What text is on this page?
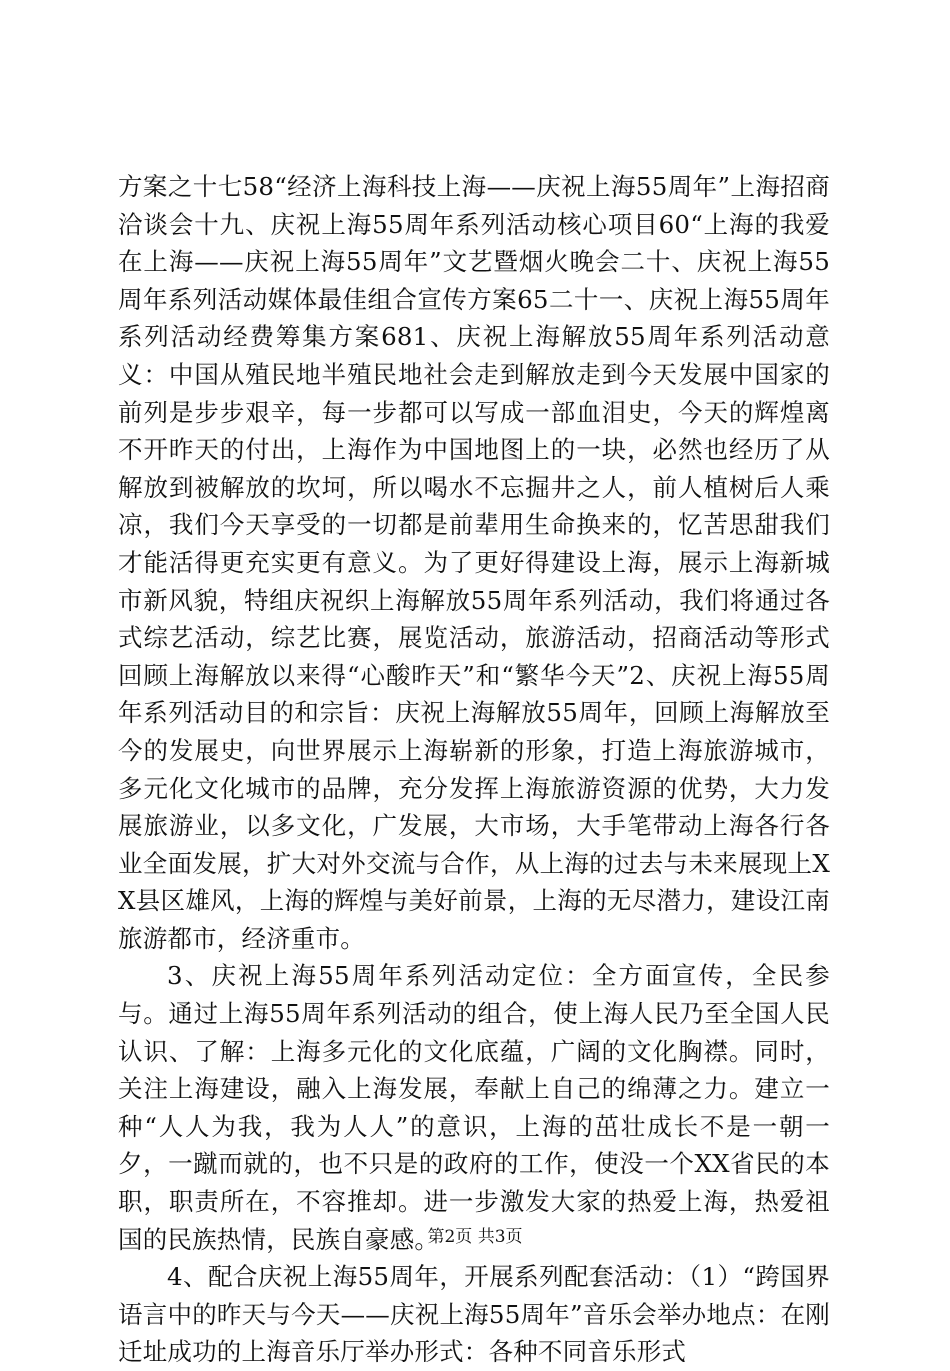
方案之十七58“经济上海科技上海——庆祝上海55周年”上海招商洽谈会十九、庆祝上海55周年系列活动核心项目60“上海的我爱在上海——庆祝上海55周年”文艺暨烟火晚会二十、庆祝上海55周年系列活动媒体最佳组合宣传方案65二十一、庆祝上海55周年系列活动经费筹集方案681、庆祝上海解放55周年系列活动意义：中国从殖民地半殖民地社会走到解放走到今天发展中国家的前列是步步艰辛，每一步都可以写成一部血泪史，今天的辉煌离不开昨天的付出，上海作为中国地图上的一块，必然也经历了从解放到被解放的坎坷，所以喝水不忘掘井之人，前人植树后人乘凉，我们今天享受的一切都是前辈用生命换来的，忆苦思甜我们才能活得更充实更有意义。为了更好得建设上海，展示上海新城市新风貌，特组庆祝织上海解放55周年系列活动，我们将通过各式综艺活动，综艺比赛，展览活动，旅游活动，招商活动等形式回顾上海解放以来得“心酸昨天”和“繁华今天”2、庆祝上海55周年系列活动目的和宗旨：庆祝上海解放55周年，回顾上海解放至今的发展史，向世界展示上海崭新的形象，打造上海旅游城市，多元化文化城市的品牌，充分发挥上海旅游资源的优势，大力发展旅游业，以多文化，广发展，大市场，大手笔带动上海各行各业全面发展，扩大对外交流与合作，从上海的过去与未来展现上XX县区雄风，上海的辉煌与美好前景，上海的无尽潜力，建设江南旅游都市，经济重市。

3、庆祝上海55周年系列活动定位：全方面宣传，全民参与。通过上海55周年系列活动的组合，使上海人民乃至全国人民认识、了解：上海多元化的文化底蕴，广阔的文化胸襟。同时，关注上海建设，融入上海发展，奉献上自己的绵薄之力。建立一种“人人为我，我为人人”的意识，上海的茁壮成长不是一朝一夕，一蹴而就的，也不只是的政府的工作，使没一个XX省民的本职，职责所在，不容推却。进一步激发大家的热爱上海，热爱祖国的民族热情，民族自豪感。

4、配合庆祝上海55周年，开展系列配套活动：（1）“跨国界语言中的昨天与今天——庆祝上海55周年”音乐会举办地点：在刚迁址成功的上海音乐厅举办形式：各种不同音乐形式

第2页 共3页
